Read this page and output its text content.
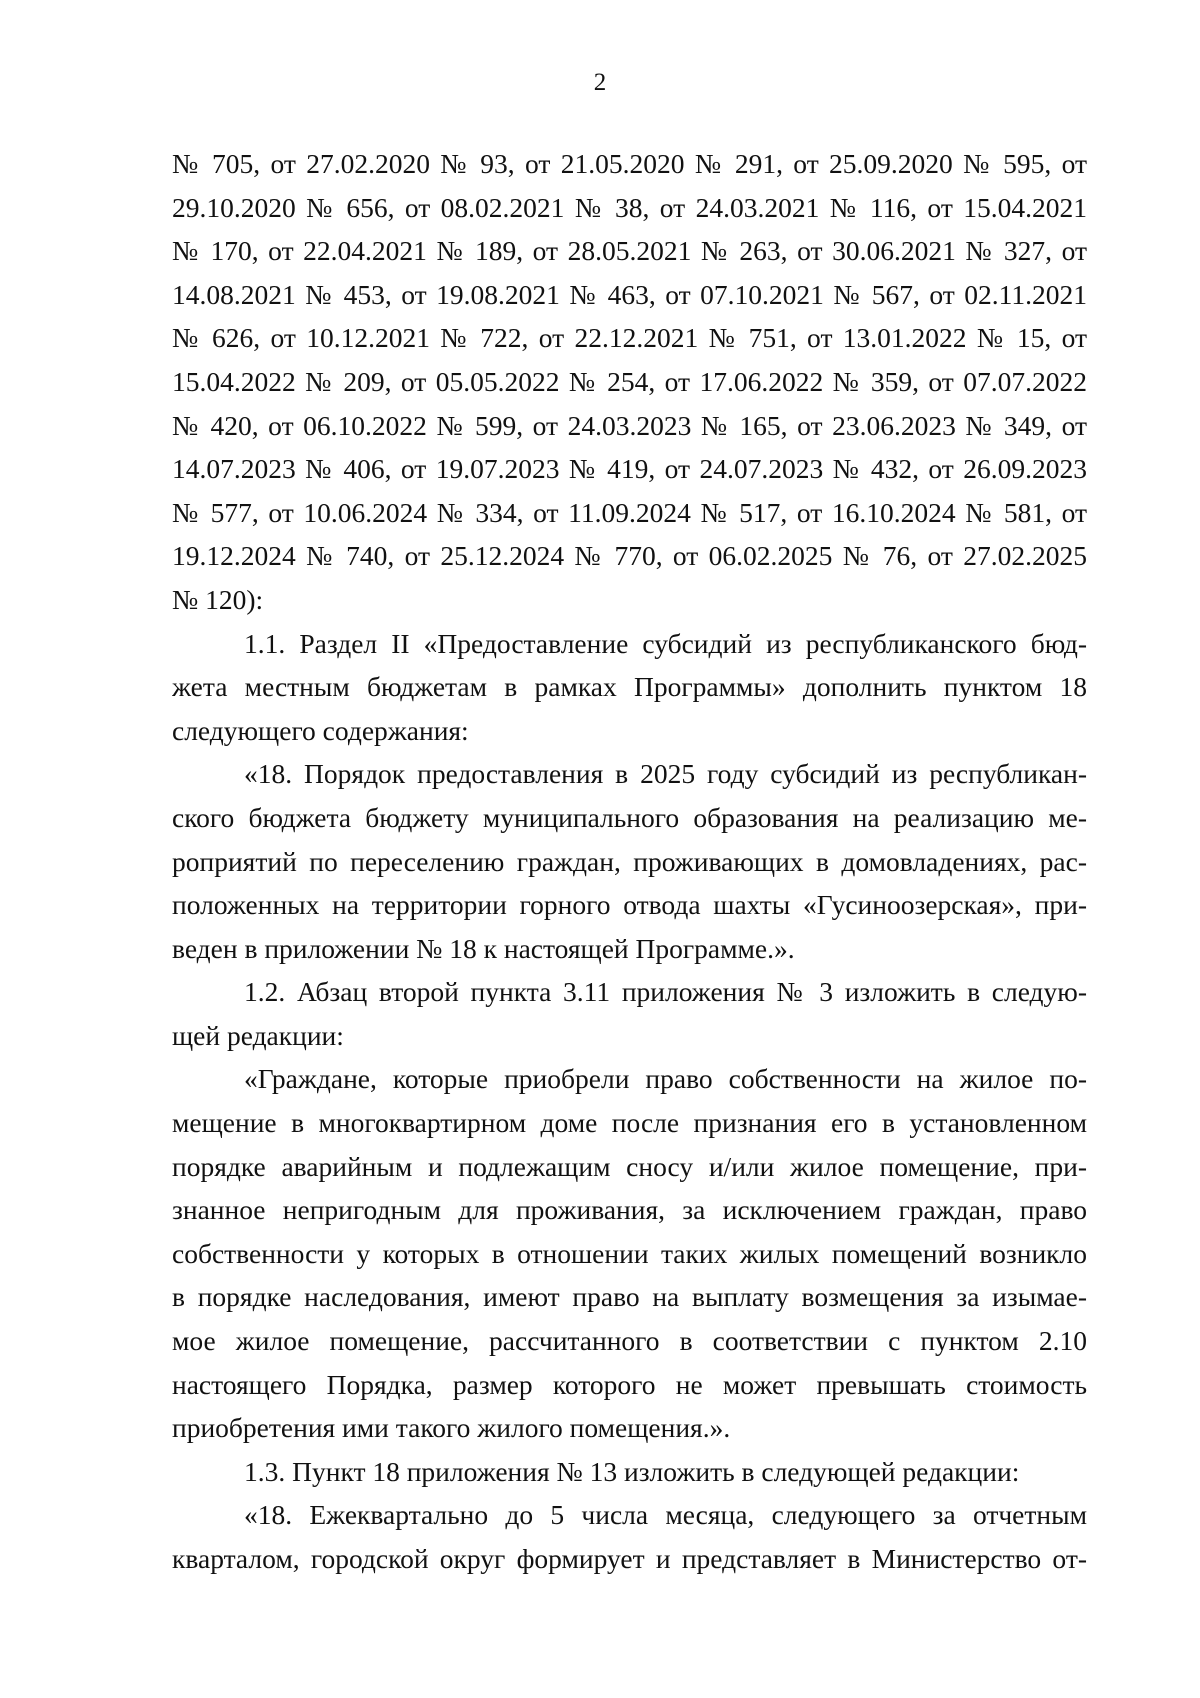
2
№ 705, от 27.02.2020 № 93, от 21.05.2020 № 291, от 25.09.2020 № 595, от
29.10.2020 № 656, от 08.02.2021 № 38, от 24.03.2021 № 116, от 15.04.2021
№ 170, от 22.04.2021 № 189, от 28.05.2021 № 263, от 30.06.2021 № 327, от
14.08.2021 № 453, от 19.08.2021 № 463, от 07.10.2021 № 567, от 02.11.2021
№ 626, от 10.12.2021 № 722, от 22.12.2021 № 751, от 13.01.2022 № 15, от
15.04.2022 № 209, от 05.05.2022 № 254, от 17.06.2022 № 359, от 07.07.2022
№ 420, от 06.10.2022 № 599, от 24.03.2023 № 165, от 23.06.2023 № 349, от
14.07.2023 № 406, от 19.07.2023 № 419, от 24.07.2023 № 432, от 26.09.2023
№ 577, от 10.06.2024 № 334, от 11.09.2024 № 517, от 16.10.2024 № 581, от
19.12.2024 № 740, от 25.12.2024 № 770, от 06.02.2025 № 76, от 27.02.2025
№ 120):
1.1. Раздел II «Предоставление субсидий из республиканского бюд-
жета местным бюджетам в рамках Программы» дополнить пунктом 18
следующего содержания:
«18. Порядок предоставления в 2025 году субсидий из республикан-
ского бюджета бюджету муниципального образования на реализацию ме-
роприятий по переселению граждан, проживающих в домовладениях, рас-
положенных на территории горного отвода шахты «Гусиноозерская», при-
веден в приложении № 18 к настоящей Программе.».
1.2. Абзац второй пункта 3.11 приложения № 3 изложить в следую-
щей редакции:
«Граждане, которые приобрели право собственности на жилое по-
мещение в многоквартирном доме после признания его в установленном
порядке аварийным и подлежащим сносу и/или жилое помещение, при-
знанное непригодным для проживания, за исключением граждан, право
собственности у которых в отношении таких жилых помещений возникло
в порядке наследования, имеют право на выплату возмещения за изымае-
мое жилое помещение, рассчитанного в соответствии с пунктом 2.10
настоящего Порядка, размер которого не может превышать стоимость
приобретения ими такого жилого помещения.».
1.3. Пункт 18 приложения № 13 изложить в следующей редакции:
«18. Ежеквартально до 5 числа месяца, следующего за отчетным
кварталом, городской округ формирует и представляет в Министерство от-
